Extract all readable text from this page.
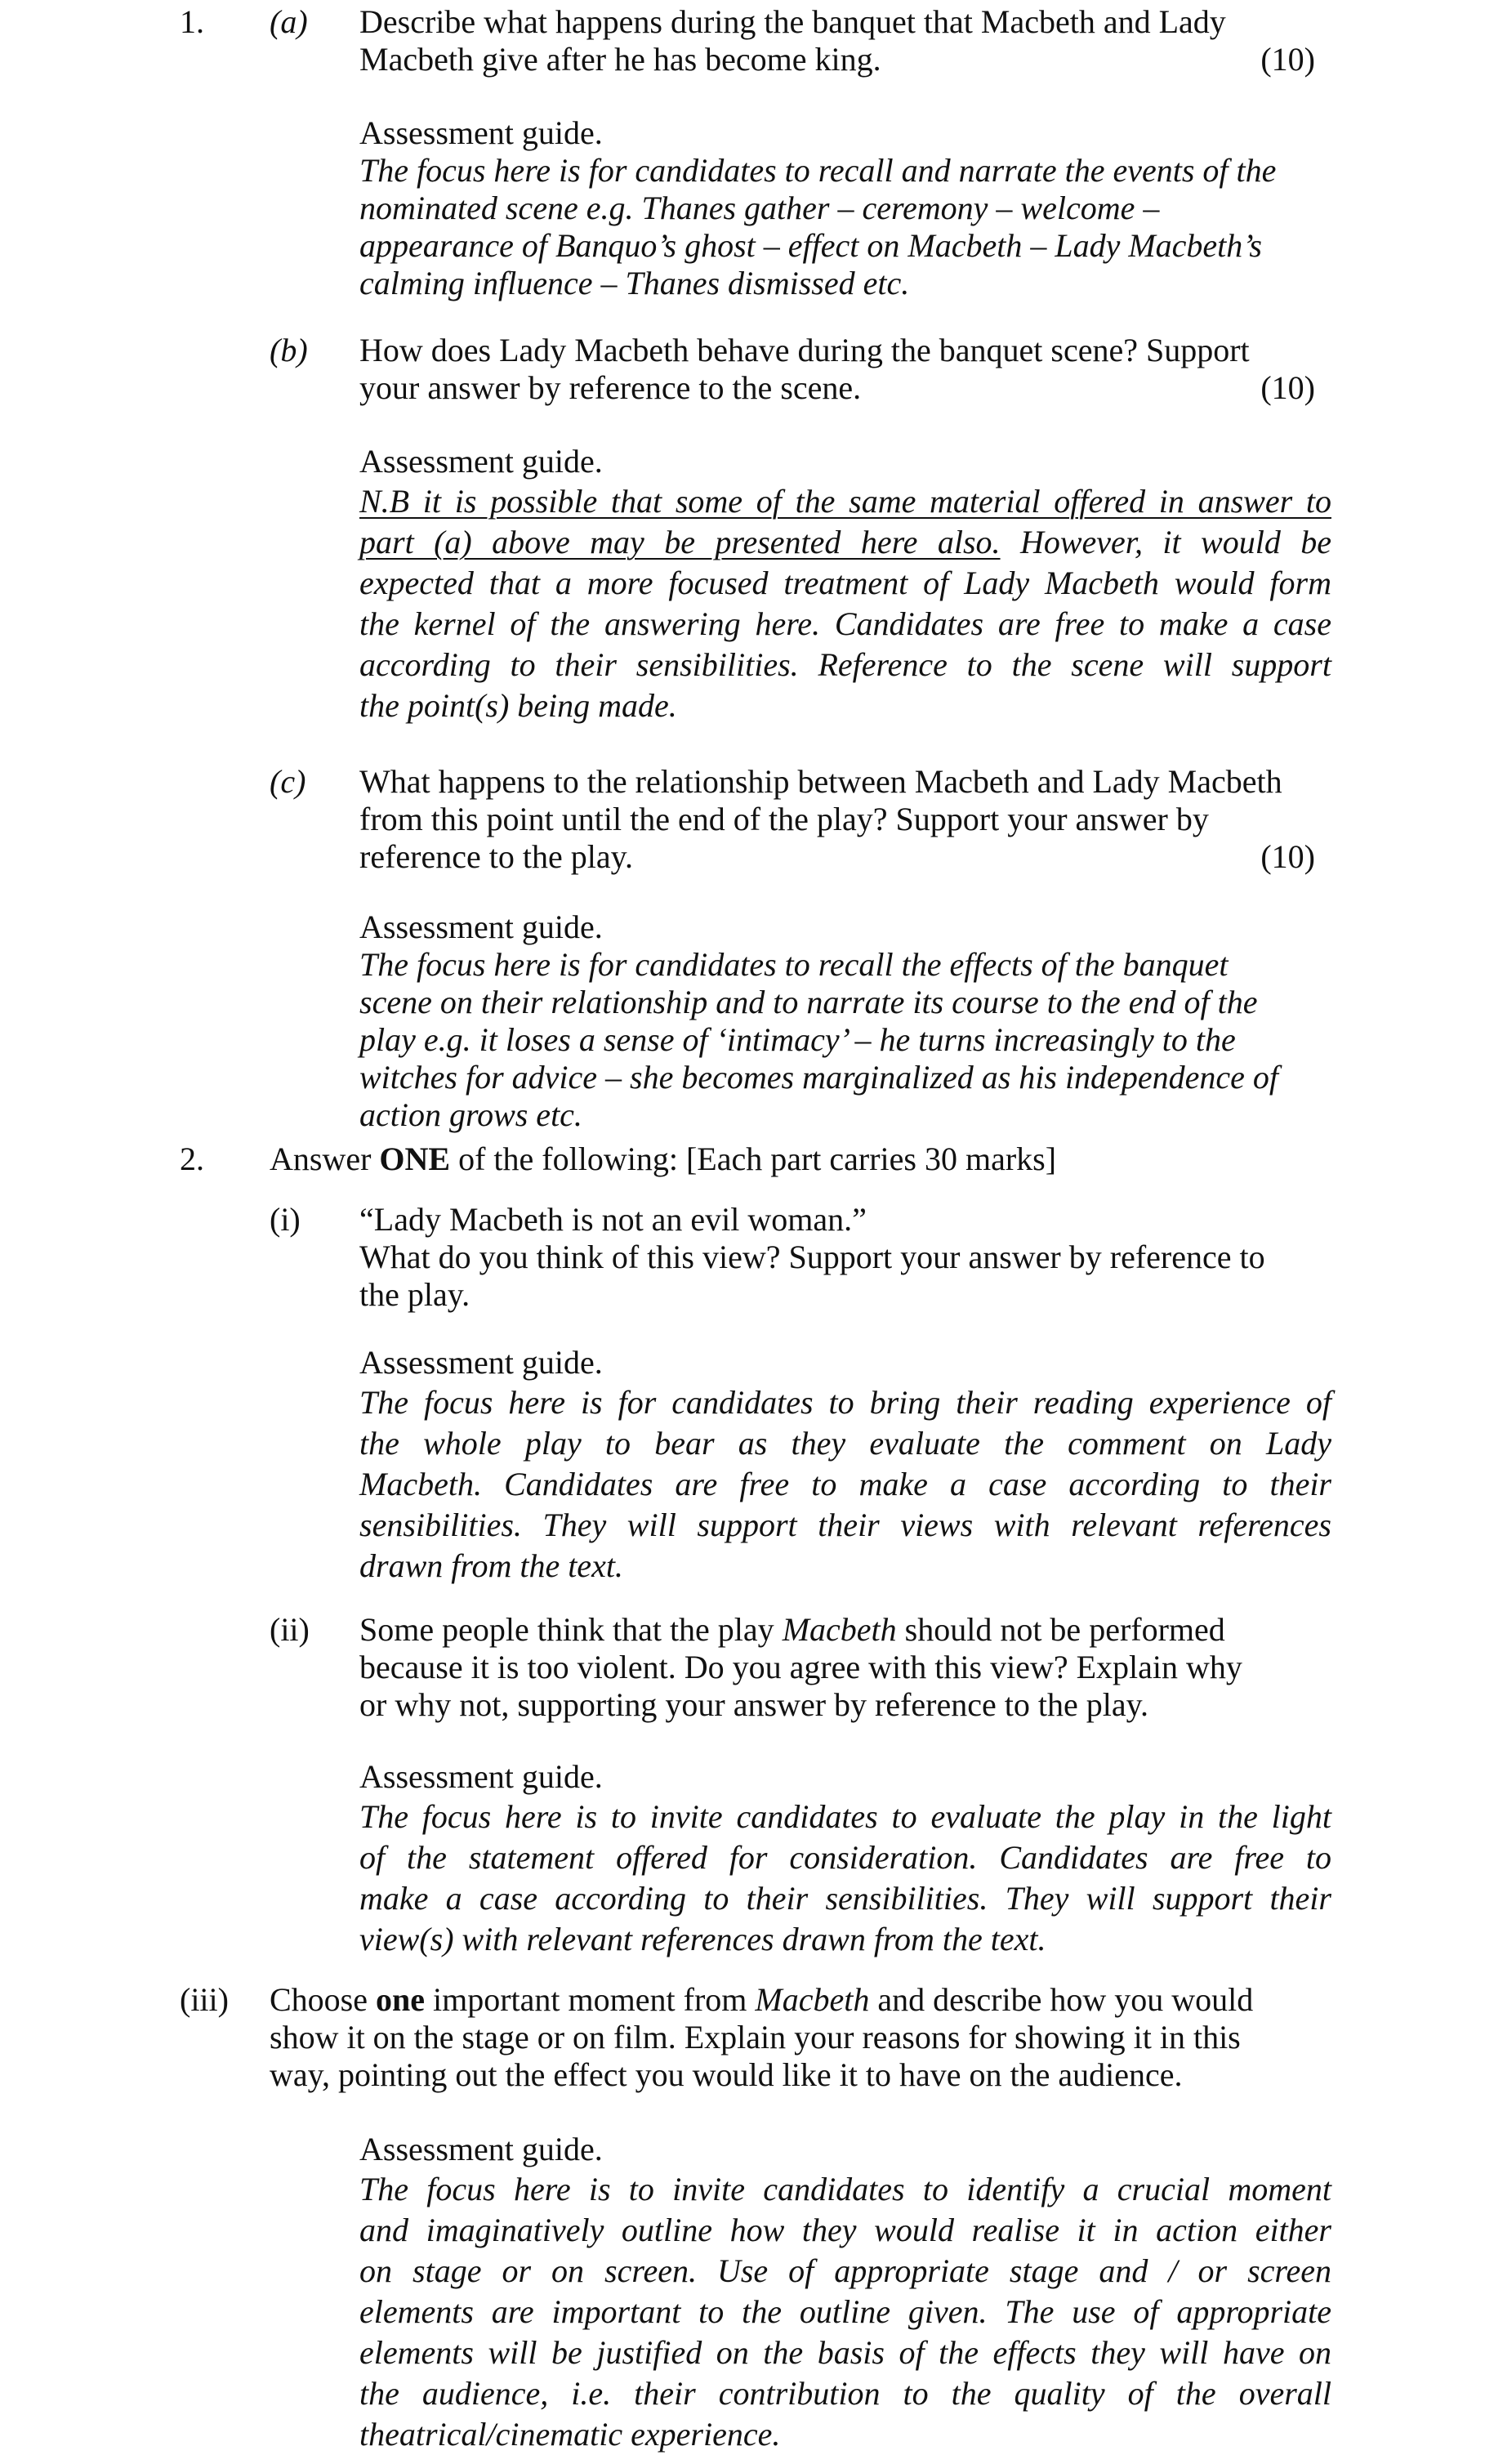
1. (a) Describe what happens during the banquet that Macbeth and Lady
Macbeth give after he has become king.	(10)
Assessment guide.
The focus here is for candidates to recall and narrate the events of the
nominated scene e.g. Thanes gather – ceremony – welcome –
appearance of Banquo’s ghost – effect on Macbeth – Lady Macbeth’s
calming influence – Thanes dismissed etc.
(b) How does Lady Macbeth behave during the banquet scene? Support
your answer by reference to the scene.	(10)
Assessment guide.
N.B it is possible that some of the same material offered in answer to
part (a) above may be presented here also. However, it would be
expected that a more focused treatment of Lady Macbeth would form
the kernel of the answering here. Candidates are free to make a case
according to their sensibilities. Reference to the scene will support
the point(s) being made.
(c) What happens to the relationship between Macbeth and Lady Macbeth
from this point until the end of the play? Support your answer by
reference to the play.	(10)
Assessment guide.
The focus here is for candidates to recall the effects of the banquet
scene on their relationship and to narrate its course to the end of the
play e.g. it loses a sense of ‘intimacy’ – he turns increasingly to the
witches for advice – she becomes marginalized as his independence of
action grows etc.
2. Answer ONE of the following: [Each part carries 30 marks]
(i) “Lady Macbeth is not an evil woman.”
What do you think of this view? Support your answer by reference to
the play.
Assessment guide.
The focus here is for candidates to bring their reading experience of
the whole play to bear as they evaluate the comment on Lady
Macbeth. Candidates are free to make a case according to their
sensibilities. They will support their views with relevant references
drawn from the text.
(ii) Some people think that the play Macbeth should not be performed
because it is too violent. Do you agree with this view? Explain why
or why not, supporting your answer by reference to the play.
Assessment guide.
The focus here is to invite candidates to evaluate the play in the light
of the statement offered for consideration. Candidates are free to
make a case according to their sensibilities. They will support their
view(s) with relevant references drawn from the text.
(iii) Choose one important moment from Macbeth and describe how you would
show it on the stage or on film. Explain your reasons for showing it in this
way, pointing out the effect you would like it to have on the audience.
Assessment guide.
The focus here is to invite candidates to identify a crucial moment
and imaginatively outline how they would realise it in action either
on stage or on screen. Use of appropriate stage and / or screen
elements are important to the outline given. The use of appropriate
elements will be justified on the basis of the effects they will have on
the audience, i.e. their contribution to the quality of the overall
theatrical/cinematic experience.
